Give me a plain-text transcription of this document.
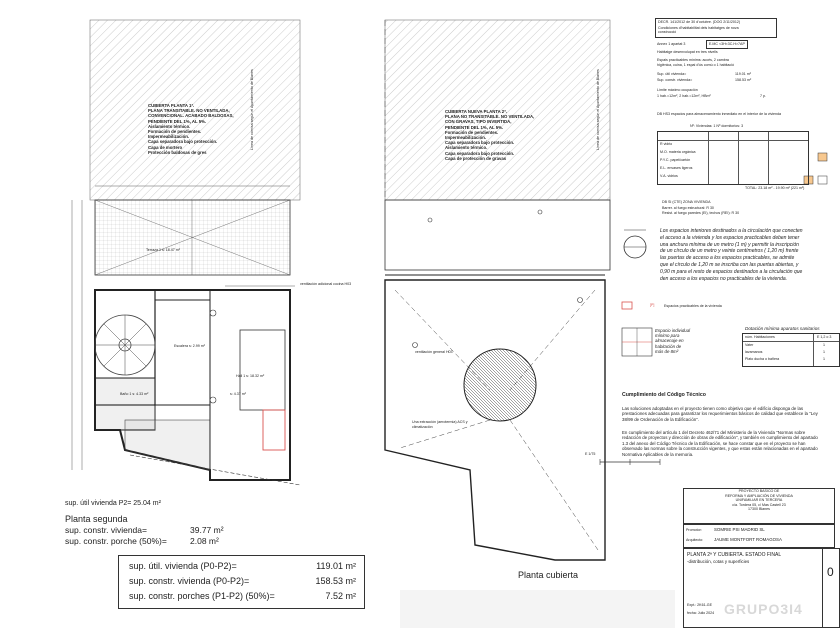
CUBIERTA PLANTA 1ª.
PLANA TRANSITABLE. NO VENTILADA,
CONVENCIONAL. ACABADO BALDOSAS,
PENDIENTE DEL 1%, AL 5%.
Aislamiento térmico.
Formación de pendientes.
Impermeabilización.
Capa separadora bajo protección.
Capa de mortero
Protección baldosas de gres
Terraza 1 s: 18.47 m²
ventilación adicional cocina H03
Escalera s: 2.99 m²
Hall 1 s: 18.32 m²
s: 4.37 m²
Baño 1 s: 4.33 m²
Línea de cornisa según el Ayuntamiento de Blanes
sup. útil vivienda P2= 25.04 m²
Planta segunda
sup. constr. vivienda=	39.77 m²
sup. constr. porche (50%)=	2.08 m²
sup. útil. vivienda (P0-P2)=	119.01 m²
sup. constr. vivienda (P0-P2)=	158.53 m²
sup. constr. porches (P1-P2) (50%)=	7.52 m²
CUBIERTA NUEVA PLANTA 2ª.
PLANA NO TRANSITABLE. NO VENTILADA,
CON GRAVAS, TIPO INVERTIDA,
PENDIENTE DEL 1%, AL 5%.
Formación de pendientes.
Impermeabilización.
Capa separadora bajo protección.
Aislamiento térmico.
Capa separadora bajo protección.
Capa de protección de gravas
ventilación general H03
Una extracción (aerotermia) ACS y climatización
Línea de cornisa según el Ayuntamiento de Blanes
Planta cubierta
E 1/75
DECR. 141/2012 de 30 d'octubre. (DOG 2/11/2012)
Condiciones d'habitabilitat dels habitatges de nova
construcció
Annex 1 apartat 3	E.MC <3H<3C.H>7AP
Habitatge desenvolupat en tres nivells
Espais practicables mínims: accés, 2 cambra
higiènica, cuina, 1 espai d'ús comú o 1 habitació
Sup. útil vivienda=	119.01 m²
Sup. constr. vivienda=	158.53 m²
Límite máximo ocupación
1 hab.=12m², 2 hab.=12m², HBm²	7 p.
DB HS3 espacios para almacenamiento inmediato en el interior de la vivienda
Nº: Viviendas: 1 Nº dormitorios: 3
R vidrio
M.O. materia orgánica
P.Y.C. papel/cartón
E.L. envases ligeros
V.A. vidrios
TOTAL: 23.18 m² - 19.90 m² (221 m²)
DB SI (CTE) ZONA VIVIENDA
Barrer. al fuego estructural: R 30
Resist. al fuego paredes (EI), techos (REI): R 30
Los espacios interiores destinados a la circulación que conecten
el acceso a la vivienda y los espacios practicables deben tener
una anchura mínima de un metro (1 m) y permitir la inscripción
de un círculo de un metro y veinte centímetros ( 1,20 m) frente
las puertas de acceso a los espacios practicables, se admite
que el círculo de 1,20 m se inscriba con las puertas abiertas, y
0,90 m para el resto de espacios destinados a la circulación que
den acceso a los espacios no practicables de la vivienda.
[P]	Espacios practicables de la vivienda
Espacio individual
mínimo para
almacenaje en
habitación de
más de 8m²
Dotación mínima aparatos sanitarios
núm. Habitaciones	E 1,2 o 3
Vater	1
lavamanos	1
Plato ducha o bañera	1
Cumplimiento del Código Técnico
Las soluciones adoptadas en el proyecto tienen como objetivo que el edificio disponga de las prestaciones adecuadas para garantizar los requerimientos básicos de calidad que establece la "Ley 38/99 de Ordenación de la Edificación".
En cumplimiento del artículo 1 del Decreto 462/71 del Ministerio de la Vivienda "Normas sobre redacción de proyectos y dirección de obras de edificación", y también en cumplimiento del apartado 1.3 del anexo del Código Técnico de la Edificación, se hace constar que en el proyecto se han observado las normas sobre la construcción vigentes, y que estas están relacionadas en el apartado Normativa Aplicables de la memoria.
PROYECTO BASICO DE
REFORMA Y AMPLIACIÓN DE VIVIENDA
UNIFAMILIAR EN TERCERA
c/a. Tordera 05, c/ Mas Castell 23
17300 Blanes
Promotor:	SOMRIE PSI MADRID SL
Arquitecto: JAUME MONTFORT ROMAGOSA
PLANTA 2ª Y CUBIERTA. ESTADO FINAL
-distribución, cotas y superficies
Expt.: 2K61-GE
fecha: Julio 2024 GRUPO3I4
0
